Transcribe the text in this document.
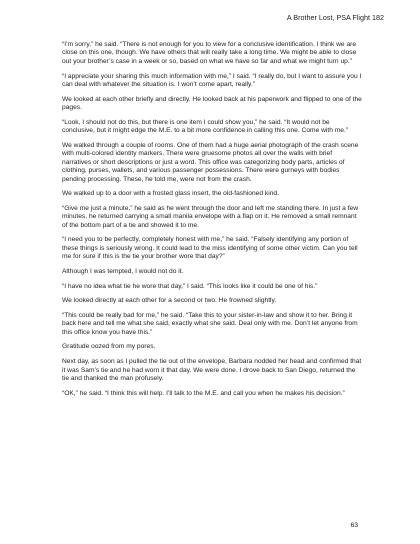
A Brother Lost, PSA Flight 182

“I’m sorry,” he said. “There is not enough for you to view for a conclusive identification. I think we are close on this one, though. We have others that will really take a long time. We might be able to close out your brother’s case in a week or so, based on what we have so far and what we might turn up.”

“I appreciate your sharing this much information with me,” I said. “I really do, but I want to assure you I can deal with whatever the situation is. I won’t come apart, really.”

We looked at each other briefly and directly. He looked back at his paperwork and flipped to one of the pages.

“Look, I should not do this, but there is one item I could show you,” he said. “It would not be conclusive, but it might edge the M.E. to a bit more confidence in calling this one. Come with me.”

We walked through a couple of rooms. One of them had a huge aerial photograph of the crash scene with multi-colored identity markers. There were gruesome photos all over the walls with brief narratives or short descriptions or just a word. This office was categorizing body parts, articles of clothing, purses, wallets, and various passenger possessions. There were gurneys with bodies pending processing. These, he told me, were not from the crash.

We walked up to a door with a frosted glass insert, the old-fashioned kind.

“Give me just a minute,” he said as he went through the door and left me standing there. In just a few minutes, he returned carrying a small manila envelope with a flap on it. He removed a small remnant of the bottom part of a tie and showed it to me.

“I need you to be perfectly, completely honest with me,” he said. “Falsely identifying any portion of these things is seriously wrong. It could lead to the miss identifying of some other victim. Can you tell me for sure if this is the tie your brother wore that day?”

Although I was tempted, I would not do it.

“I have no idea what tie he wore that day,” I said. “This looks like it could be one of his.”

We looked directly at each other for a second or two. He frowned slightly.

“This could be really bad for me,” he said. “Take this to your sister-in-law and show it to her. Bring it back here and tell me what she said, exactly what she said. Deal only with me. Don’t let anyone from this office know you have this.”

Gratitude oozed from my pores.

Next day, as soon as I pulled the tie out of the envelope, Barbara nodded her head and confirmed that it was Sam’s tie and he had worn it that day. We were done. I drove back to San Diego, returned the tie and thanked the man profusely.

“OK,” he said. “I think this will help. I’ll talk to the M.E. and call you when he makes his decision.”

63
